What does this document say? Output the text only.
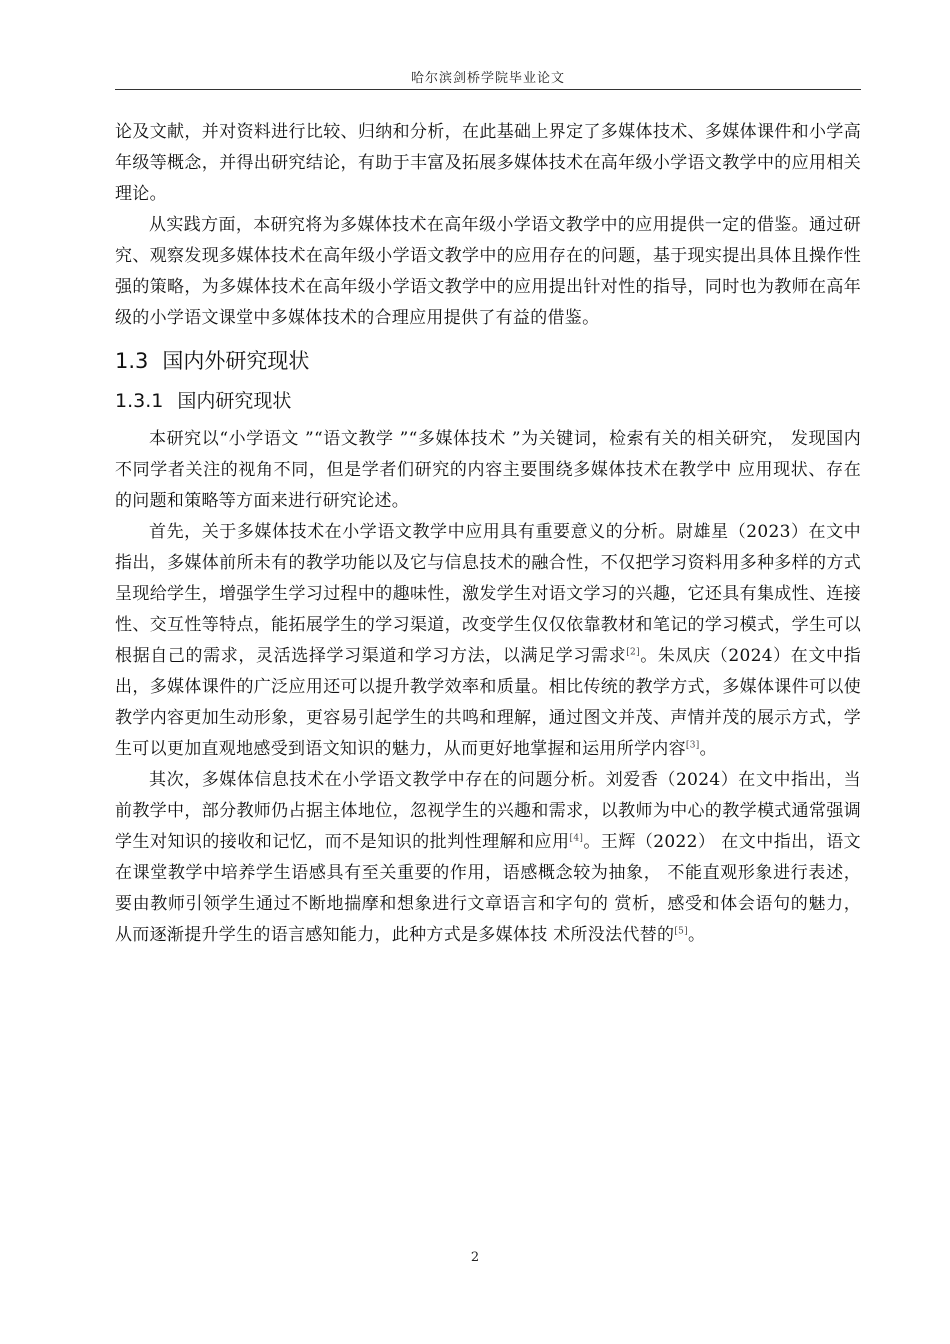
哈尔滨剑桥学院毕业论文

论及文献，并对资料进行比较、归纳和分析，在此基础上界定了多媒体技术、多媒体课件和小学高年级等概念，并得出研究结论，有助于丰富及拓展多媒体技术在高年级小学语文教学中的应用相关理论。

从实践方面，本研究将为多媒体技术在高年级小学语文教学中的应用提供一定的借鉴。通过研究、观察发现多媒体技术在高年级小学语文教学中的应用存在的问题，基于现实提出具体且操作性强的策略，为多媒体技术在高年级小学语文教学中的应用提出针对性的指导，同时也为教师在高年级的小学语文课堂中多媒体技术的合理应用提供了有益的借鉴。

1.3 国内外研究现状
1.3.1 国内研究现状

本研究以“小学语文 ”“语文教学 ”“多媒体技术 ”为关键词，检索有关的相关研究， 发现国内不同学者关注的视角不同，但是学者们研究的内容主要围绕多媒体技术在教学中 应用现状、存在的问题和策略等方面来进行研究论述。

首先，关于多媒体技术在小学语文教学中应用具有重要意义的分析。尉雄星（2023）在文中指出，多媒体前所未有的教学功能以及它与信息技术的融合性，不仅把学习资料用多种多样的方式呈现给学生，增强学生学习过程中的趣味性，激发学生对语文学习的兴趣，它还具有集成性、连接性、交互性等特点，能拓展学生的学习渠道，改变学生仅仅依靠教材和笔记的学习模式，学生可以根据自己的需求，灵活选择学习渠道和学习方法，以满足学习需求[2]。朱凤庆（2024）在文中指出，多媒体课件的广泛应用还可以提升教学效率和质量。相比传统的教学方式，多媒体课件可以使教学内容更加生动形象，更容易引起学生的共鸣和理解，通过图文并茂、声情并茂的展示方式，学生可以更加直观地感受到语文知识的魅力，从而更好地掌握和运用所学内容[3]。

其次，多媒体信息技术在小学语文教学中存在的问题分析。刘爱香（2024）在文中指出，当前教学中，部分教师仍占据主体地位，忽视学生的兴趣和需求，以教师为中心的教学模式通常强调学生对知识的接收和记忆，而不是知识的批判性理解和应用[4]。王辉（2022） 在文中指出，语文在课堂教学中培养学生语感具有至关重要的作用，语感概念较为抽象， 不能直观形象进行表述，要由教师引领学生通过不断地揣摩和想象进行文章语言和字句的 赏析，感受和体会语句的魅力，从而逐渐提升学生的语言感知能力，此种方式是多媒体技 术所没法代替的[5]。

2
